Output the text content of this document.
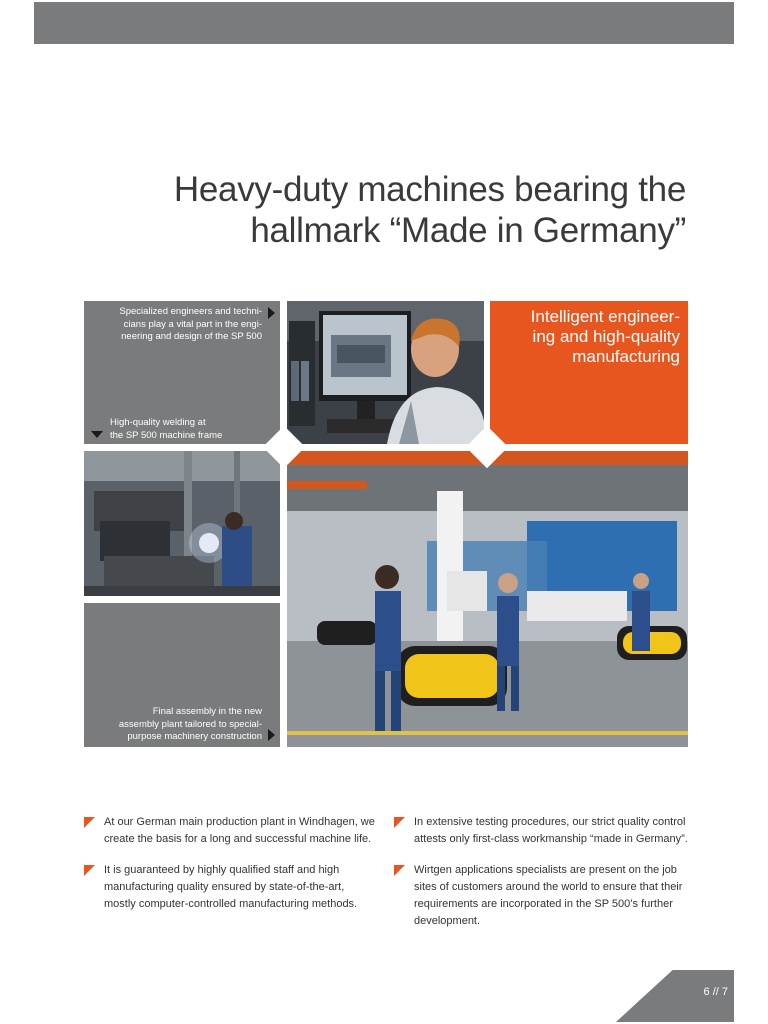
Heavy-duty machines bearing the
hallmark “Made in Germany”
Specialized engineers and techni-
cians play a vital part in the engi-
neering and design of the SP 500
High-quality welding at
the SP 500 machine frame
Intelligent engineer-
ing and high-quality
manufacturing
Final assembly in the new
assembly plant tailored to special-
purpose machinery construction

At our German main production plant in Windhagen, we create the basis for a long and successful machine life.

It is guaranteed by highly qualified staff and high manufacturing quality ensured by state-of-the-art, mostly computer-controlled manufacturing methods.

In extensive testing procedures, our strict quality control attests only first-class workmanship “made in Germany”.

Wirtgen applications specialists are present on the job sites of customers around the world to ensure that their requirements are incorporated in the SP 500’s further development.

6 // 7
